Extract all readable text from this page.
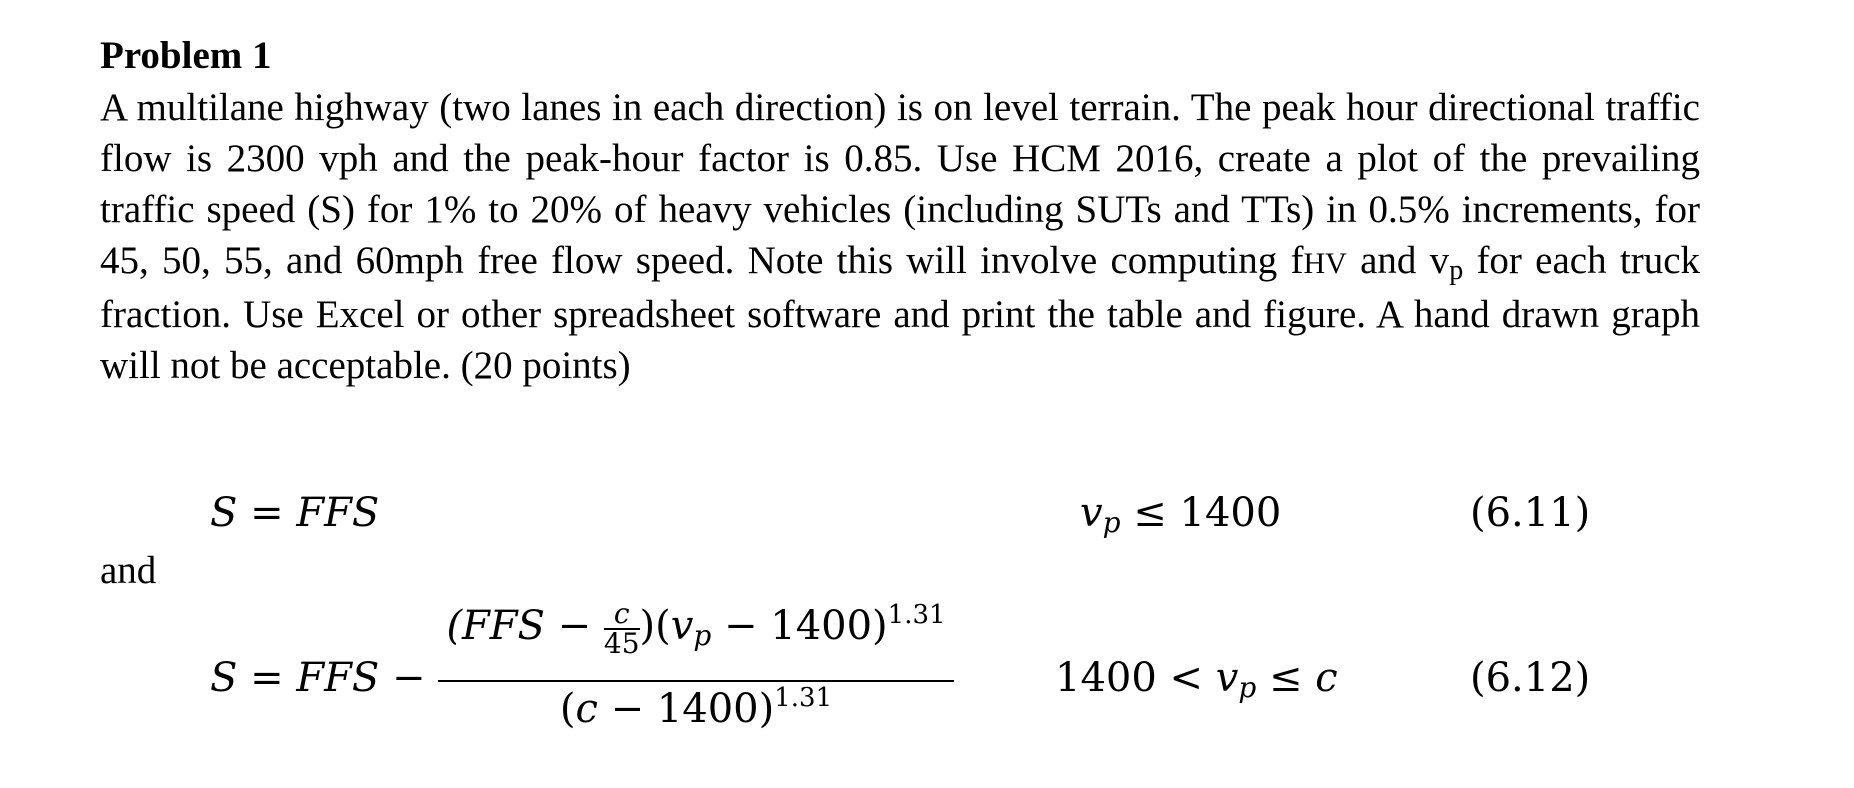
Problem 1

A multilane highway (two lanes in each direction) is on level terrain. The peak hour directional traffic flow is 2300 vph and the peak-hour factor is 0.85. Use HCM 2016, create a plot of the prevailing traffic speed (S) for 1% to 20% of heavy vehicles (including SUTs and TTs) in 0.5% increments, for 45, 50, 55, and 60mph free flow speed. Note this will involve computing fHV and $v_p$ for each truck fraction. Use Excel or other spreadsheet software and print the table and figure. A hand drawn graph will not be acceptable. (20 points)

S = FFS	$v_p \le 1400$	(6.11)
and
S = FFS −
$(FFS - \frac{c}{45} )(v_p - 1400)^{1.31}$
$(c - 1400)^{1.31}$	$1400 < v_p \le c$	(6.12)
